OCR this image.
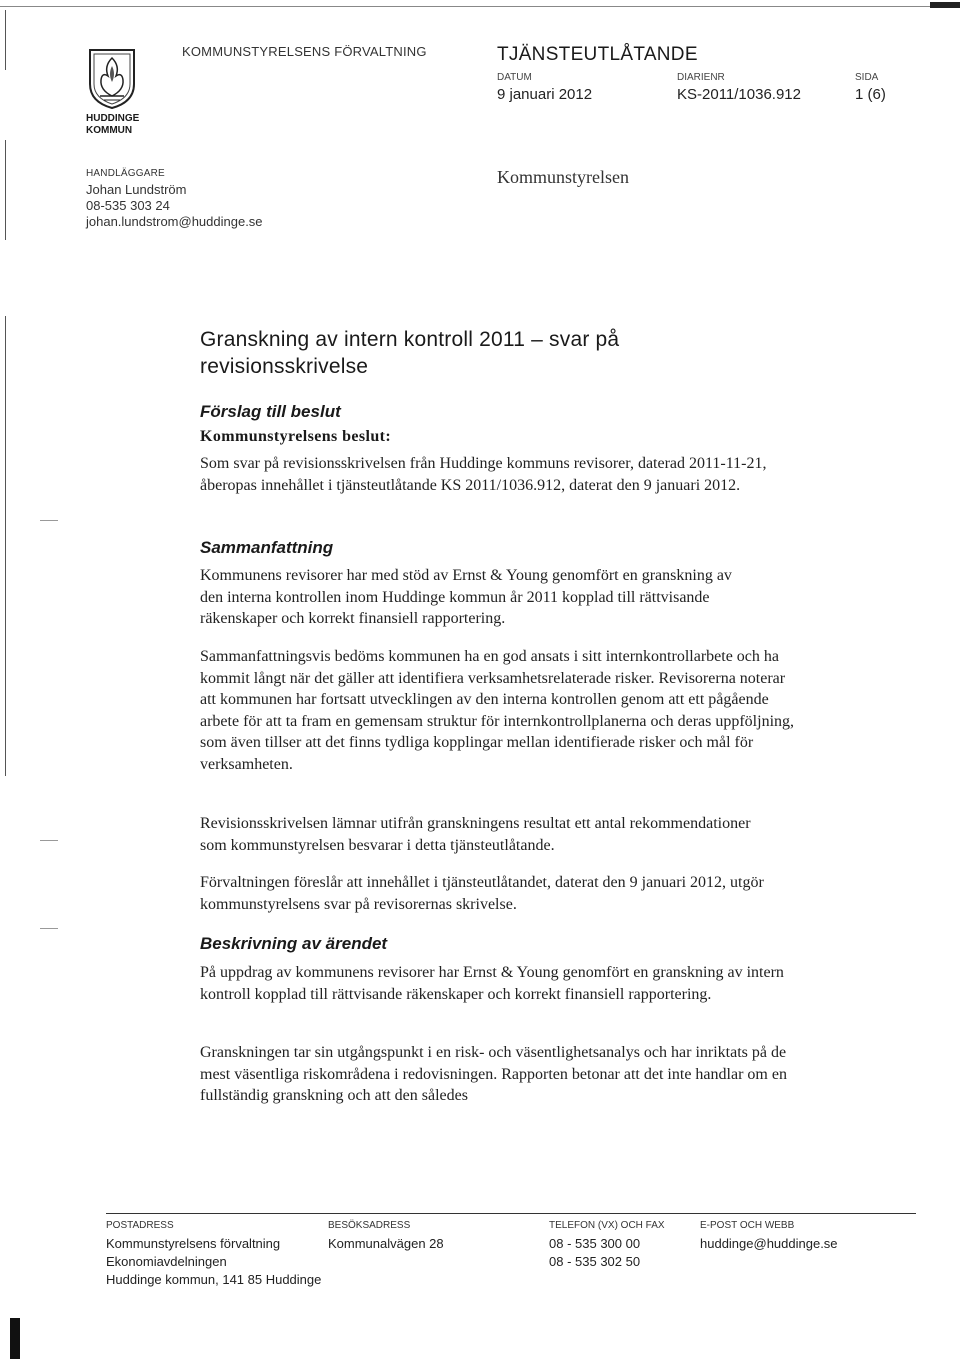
HUDDINGE
KOMMUN
KOMMUNSTYRELSENS FÖRVALTNING	TJÄNSTEUTLÅTANDE
DATUM
9 januari 2012
DIARIENR
KS-2011/1036.912
SIDA
1 (6)
HANDLÄGGARE
Johan Lundström
08-535 303 24
johan.lundstrom@huddinge.se
Kommunstyrelsen
Granskning av intern kontroll 2011 – svar på
revisionsskrivelse
Förslag till beslut
Kommunstyrelsens beslut:
Som svar på revisionsskrivelsen från Huddinge kommuns revisorer, daterad 2011-11-21, åberopas innehållet i tjänsteutlåtande KS 2011/1036.912, daterat den 9 januari 2012.
Sammanfattning
Kommunens revisorer har med stöd av Ernst & Young genomfört en granskning av den interna kontrollen inom Huddinge kommun år 2011 kopplad till rättvisande räkenskaper och korrekt finansiell rapportering.
Sammanfattningsvis bedöms kommunen ha en god ansats i sitt internkontrollarbete och ha kommit långt när det gäller att identifiera verksamhetsrelaterade risker. Revisorerna noterar att kommunen har fortsatt utvecklingen av den interna kontrollen genom att ett pågående arbete för att ta fram en gemensam struktur för internkontrollplanerna och deras uppföljning, som även tillser att det finns tydliga kopplingar mellan identifierade risker och mål för verksamheten.
Revisionsskrivelsen lämnar utifrån granskningens resultat ett antal rekommendationer som kommunstyrelsen besvarar i detta tjänsteutlåtande.
Förvaltningen föreslår att innehållet i tjänsteutlåtandet, daterat den 9 januari 2012, utgör kommunstyrelsens svar på revisorernas skrivelse.
Beskrivning av ärendet
På uppdrag av kommunens revisorer har Ernst & Young genomfört en granskning av intern kontroll kopplad till rättvisande räkenskaper och korrekt finansiell rapportering.
Granskningen tar sin utgångspunkt i en risk- och väsentlighetsanalys och har inriktats på de mest väsentliga riskområdena i redovisningen. Rapporten betonar att det inte handlar om en fullständig granskning och att den således
POSTADRESS
Kommunstyrelsens förvaltning
Ekonomiavdelningen
Huddinge kommun, 141 85 Huddinge
BESÖKSADRESS
Kommunalvägen 28
TELEFON (VX) OCH FAX
08 - 535 300 00
08 - 535 302 50
E-POST OCH WEBB
huddinge@huddinge.se
